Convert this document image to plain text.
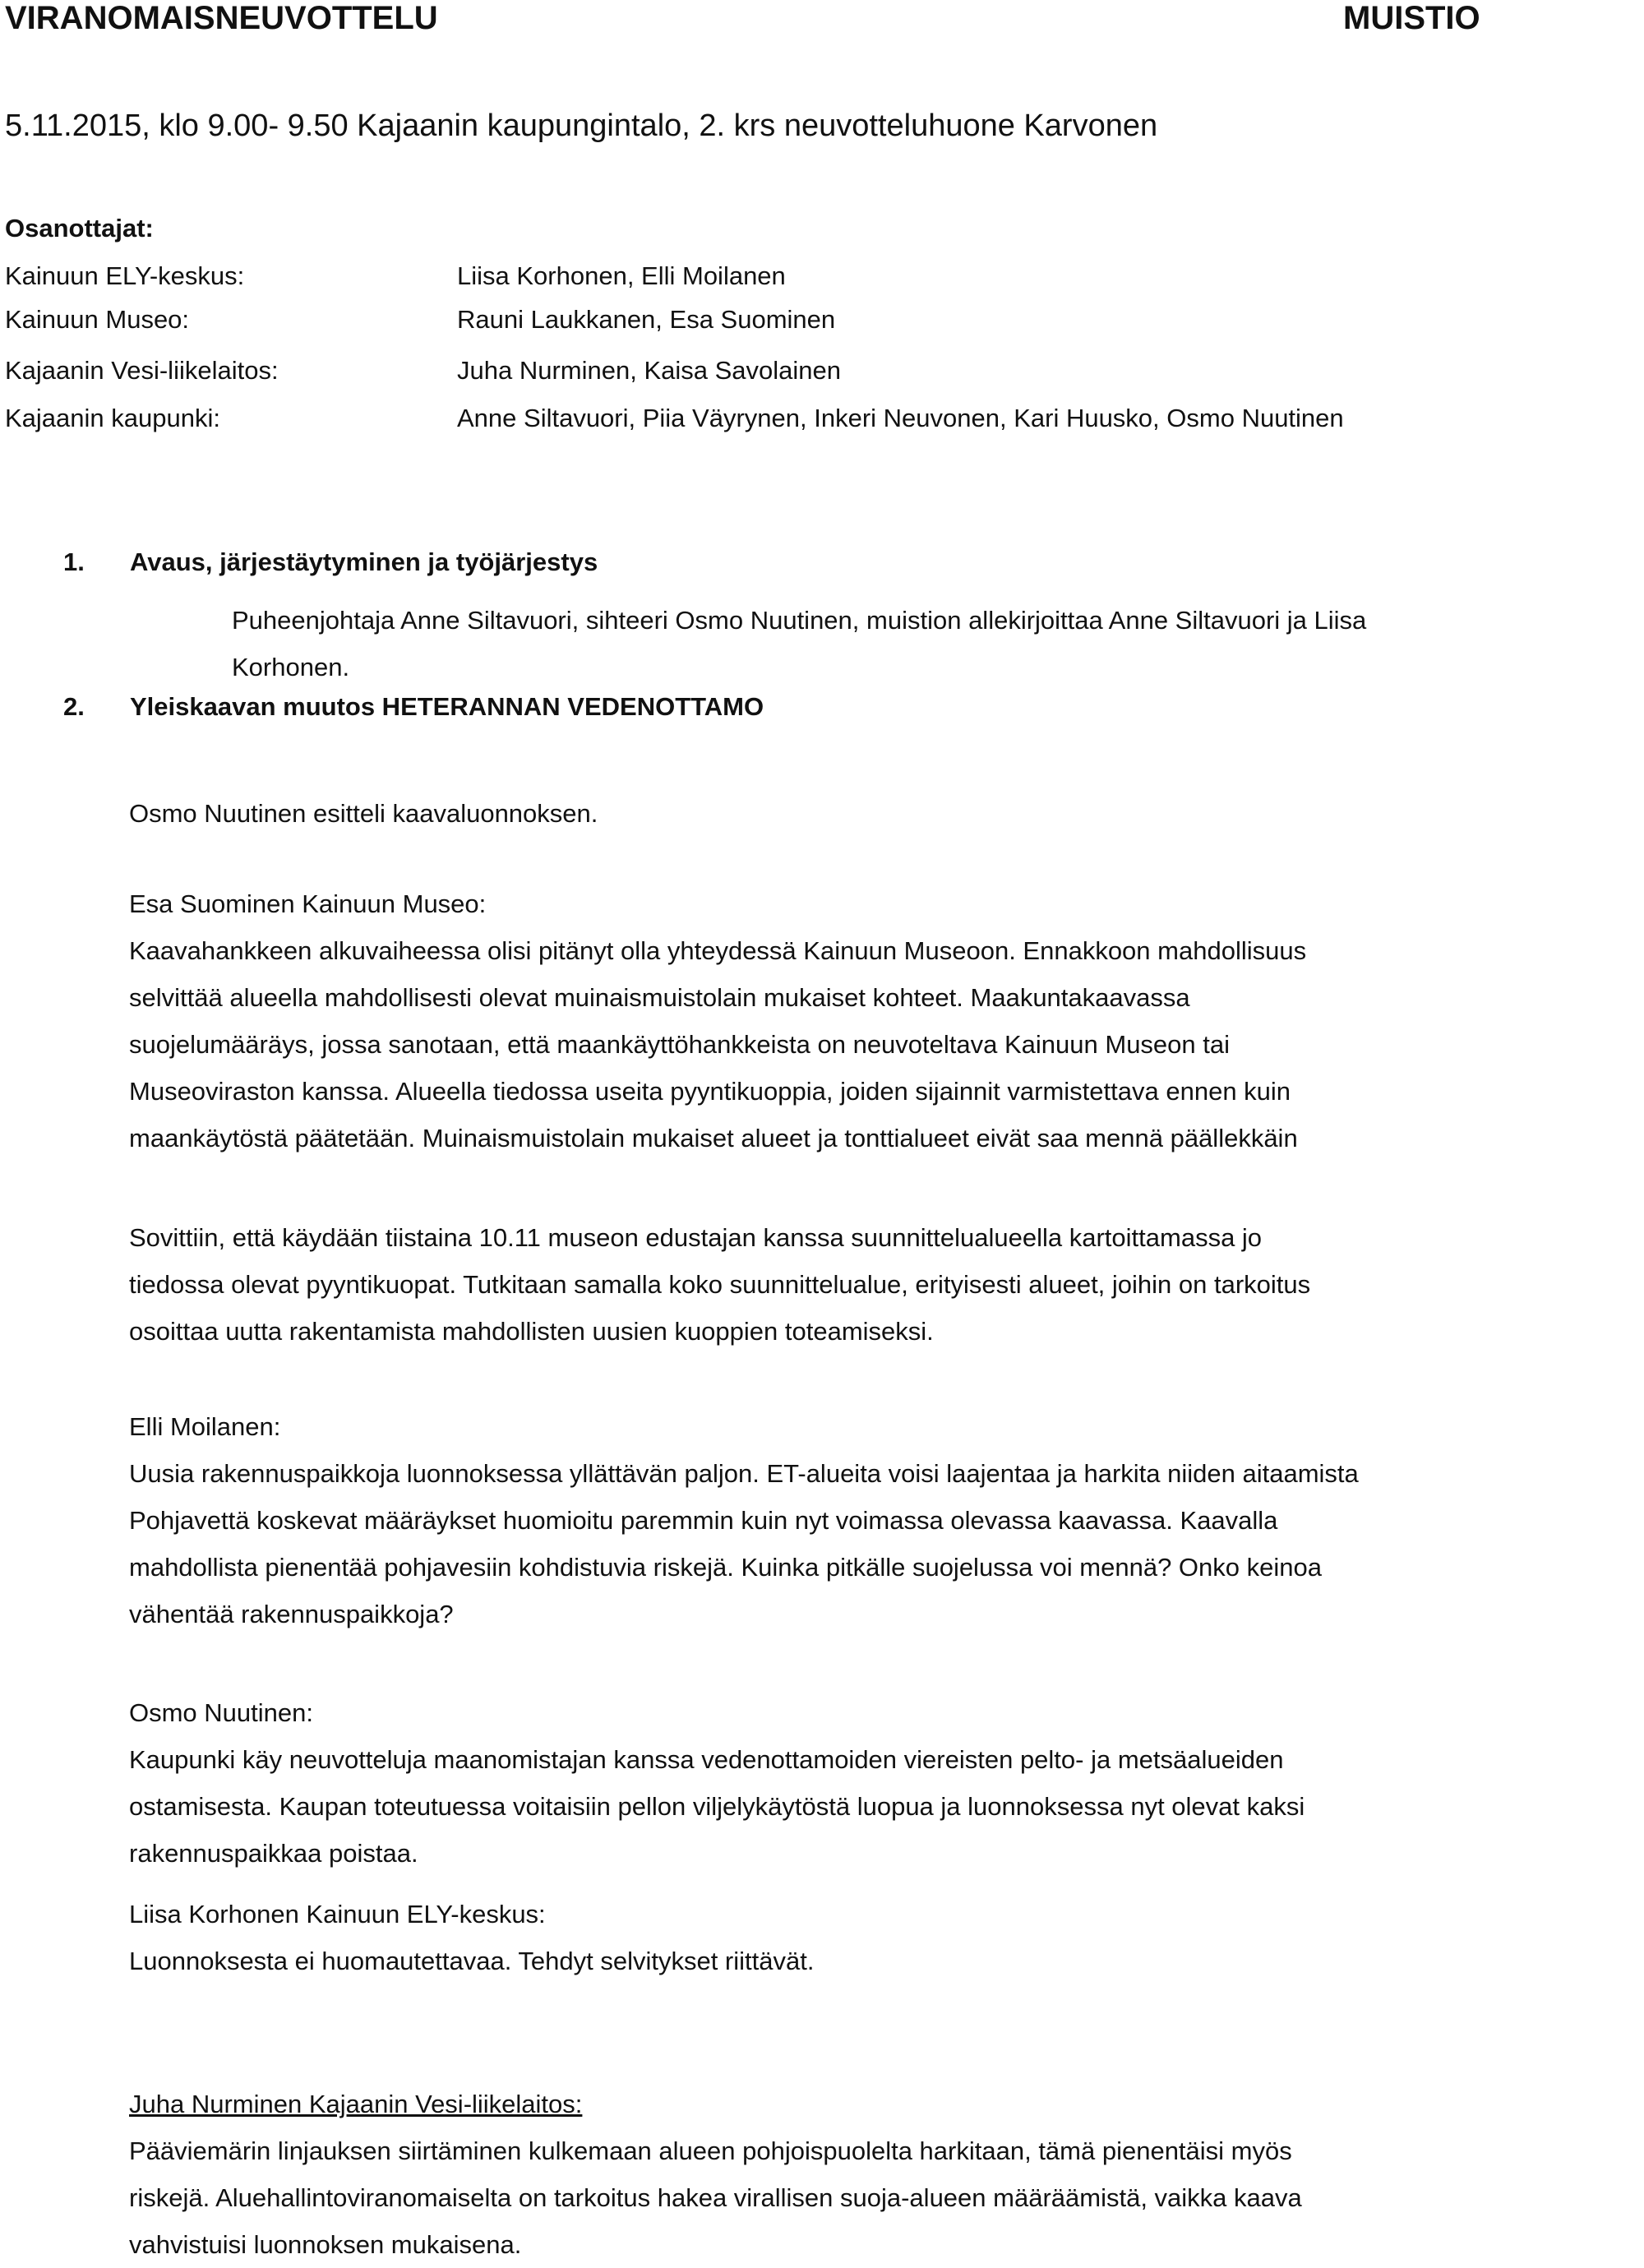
VIRANOMAISNEUVOTTELU	MUISTIO
5.11.2015, klo 9.00- 9.50 Kajaanin kaupungintalo, 2. krs neuvotteluhuone Karvonen
Osanottajat:
Kainuun ELY-keskus:	Liisa Korhonen, Elli Moilanen
Kainuun Museo:	Rauni Laukkanen, Esa Suominen
Kajaanin Vesi-liikelaitos:	Juha Nurminen, Kaisa Savolainen
Kajaanin kaupunki:	Anne Siltavuori, Piia Väyrynen, Inkeri Neuvonen, Kari Huusko, Osmo Nuutinen
1. Avaus, järjestäytyminen ja työjärjestys
Puheenjohtaja Anne Siltavuori, sihteeri Osmo Nuutinen, muistion allekirjoittaa Anne Siltavuori ja Liisa
Korhonen.
2. Yleiskaavan muutos HETERANNAN VEDENOTTAMO
Osmo Nuutinen esitteli kaavaluonnoksen.
Esa Suominen Kainuun Museo:
Kaavahankkeen alkuvaiheessa olisi pitänyt olla yhteydessä Kainuun Museoon. Ennakkoon mahdollisuus
selvittää alueella mahdollisesti olevat muinaismuistolain mukaiset kohteet. Maakuntakaavassa
suojelumääräys, jossa sanotaan, että maankäyttöhankkeista on neuvoteltava Kainuun Museon tai
Museoviraston kanssa. Alueella tiedossa useita pyyntikuoppia, joiden sijainnit varmistettava ennen kuin
maankäytöstä päätetään. Muinaismuistolain mukaiset alueet ja tonttialueet eivät saa mennä päällekkäin
Sovittiin, että käydään tiistaina 10.11 museon edustajan kanssa suunnittelualueella kartoittamassa jo
tiedossa olevat pyyntikuopat. Tutkitaan samalla koko suunnittelualue, erityisesti alueet, joihin on tarkoitus
osoittaa uutta rakentamista mahdollisten uusien kuoppien toteamiseksi.
Elli Moilanen:
Uusia rakennuspaikkoja luonnoksessa yllättävän paljon. ET-alueita voisi laajentaa ja harkita niiden aitaamista
Pohjavettä koskevat määräykset huomioitu paremmin kuin nyt voimassa olevassa kaavassa. Kaavalla
mahdollista pienentää pohjavesiin kohdistuvia riskejä. Kuinka pitkälle suojelussa voi mennä? Onko keinoa
vähentää rakennuspaikkoja?
Osmo Nuutinen:
Kaupunki käy neuvotteluja maanomistajan kanssa vedenottamoiden viereisten pelto- ja metsäalueiden
ostamisesta. Kaupan toteutuessa voitaisiin pellon viljelykäytöstä luopua ja luonnoksessa nyt olevat kaksi
rakennuspaikkaa poistaa.
Liisa Korhonen Kainuun ELY-keskus:
Luonnoksesta ei huomautettavaa. Tehdyt selvitykset riittävät.
Juha Nurminen Kajaanin Vesi-liikelaitos:
Pääviemärin linjauksen siirtäminen kulkemaan alueen pohjoispuolelta harkitaan, tämä pienentäisi myös
riskejä. Aluehallintoviranomaiselta on tarkoitus hakea virallisen suoja-alueen määräämistä, vaikka kaava
vahvistuisi luonnoksen mukaisena.
